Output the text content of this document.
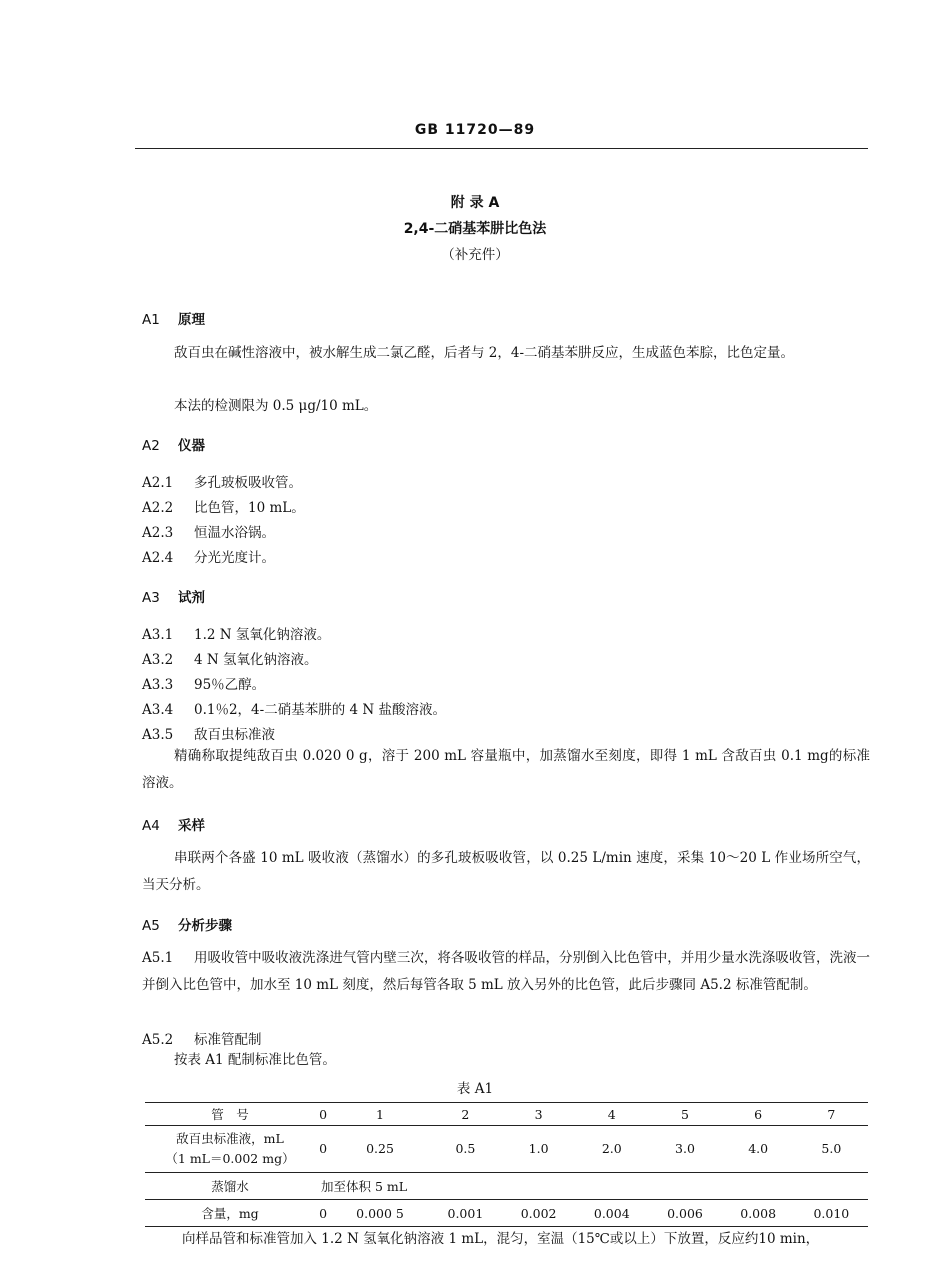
GB 11720—89
附 录 A
2,4-二硝基苯肼比色法
（补充件）
A1 原理
敌百虫在碱性溶液中，被水解生成二氯乙醛，后者与 2，4-二硝基苯肼反应，生成蓝色苯腙，比色定量。
本法的检测限为 0.5 μg/10 mL。
A2 仪器
A2.1 多孔玻板吸收管。
A2.2 比色管，10 mL。
A2.3 恒温水浴锅。
A2.4 分光光度计。
A3 试剂
A3.1 1.2 N 氢氧化钠溶液。
A3.2 4 N 氢氧化钠溶液。
A3.3 95％乙醇。
A3.4 0.1％2，4-二硝基苯肼的 4 N 盐酸溶液。
A3.5 敌百虫标准液
精确称取提纯敌百虫 0.020 0 g，溶于 200 mL 容量瓶中，加蒸馏水至刻度，即得 1 mL 含敌百虫 0.1 mg的标准溶液。
A4 采样
串联两个各盛 10 mL 吸收液（蒸馏水）的多孔玻板吸收管，以 0.25 L/min 速度，采集 10～20 L 作业场所空气，当天分析。
A5 分析步骤
A5.1 用吸收管中吸收液洗涤进气管内壁三次，将各吸收管的样品，分别倒入比色管中，并用少量水洗涤吸收管，洗液一并倒入比色管中，加水至 10 mL 刻度，然后每管各取 5 mL 放入另外的比色管，此后步骤同 A5.2 标准管配制。
A5.2 标准管配制
按表 A1 配制标准比色管。
表 A1
管　号	0	1	2	3	4	5	6	7

敌百虫标准液，mL
（1 mL＝0.002 mg）	0	0.25	0.5	1.0	2.0	3.0	4.0	5.0
蒸馏水	加至体积 5 mL							
含量，mg	0	0.000 5	0.001	0.002	0.004	0.006	0.008	0.010
向样品管和标准管加入 1.2 N 氢氧化钠溶液 1 mL，混匀，室温（15℃或以上）下放置，反应约10 min，
